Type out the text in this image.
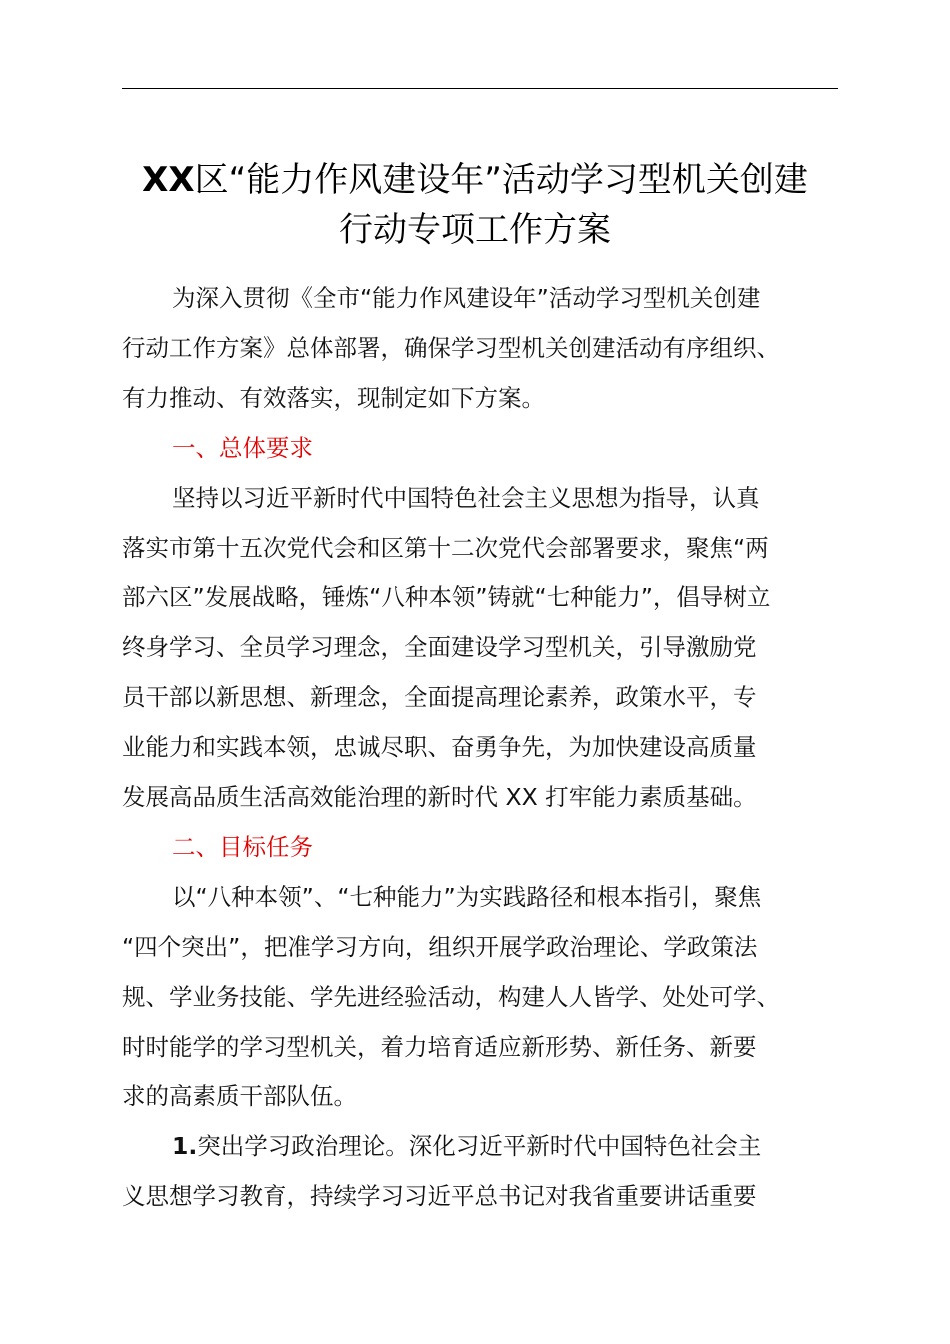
XX区“能力作风建设年”活动学习型机关创建
行动专项工作方案
为深入贯彻《全市“能力作风建设年”活动学习型机关创建
行动工作方案》总体部署，确保学习型机关创建活动有序组织、
有力推动、有效落实，现制定如下方案。
一、总体要求
坚持以习近平新时代中国特色社会主义思想为指导，认真
落实市第十五次党代会和区第十二次党代会部署要求，聚焦“两
部六区”发展战略，锤炼“八种本领”铸就“七种能力”，倡导树立
终身学习、全员学习理念，全面建设学习型机关，引导激励党
员干部以新思想、新理念，全面提高理论素养，政策水平，专
业能力和实践本领，忠诚尽职、奋勇争先，为加快建设高质量
发展高品质生活高效能治理的新时代 XX 打牢能力素质基础。
二、目标任务
以“八种本领”、“七种能力”为实践路径和根本指引，聚焦
“四个突出”，把准学习方向，组织开展学政治理论、学政策法
规、学业务技能、学先进经验活动，构建人人皆学、处处可学、
时时能学的学习型机关，着力培育适应新形势、新任务、新要
求的高素质干部队伍。
1.突出学习政治理论。深化习近平新时代中国特色社会主
义思想学习教育，持续学习习近平总书记对我省重要讲话重要
